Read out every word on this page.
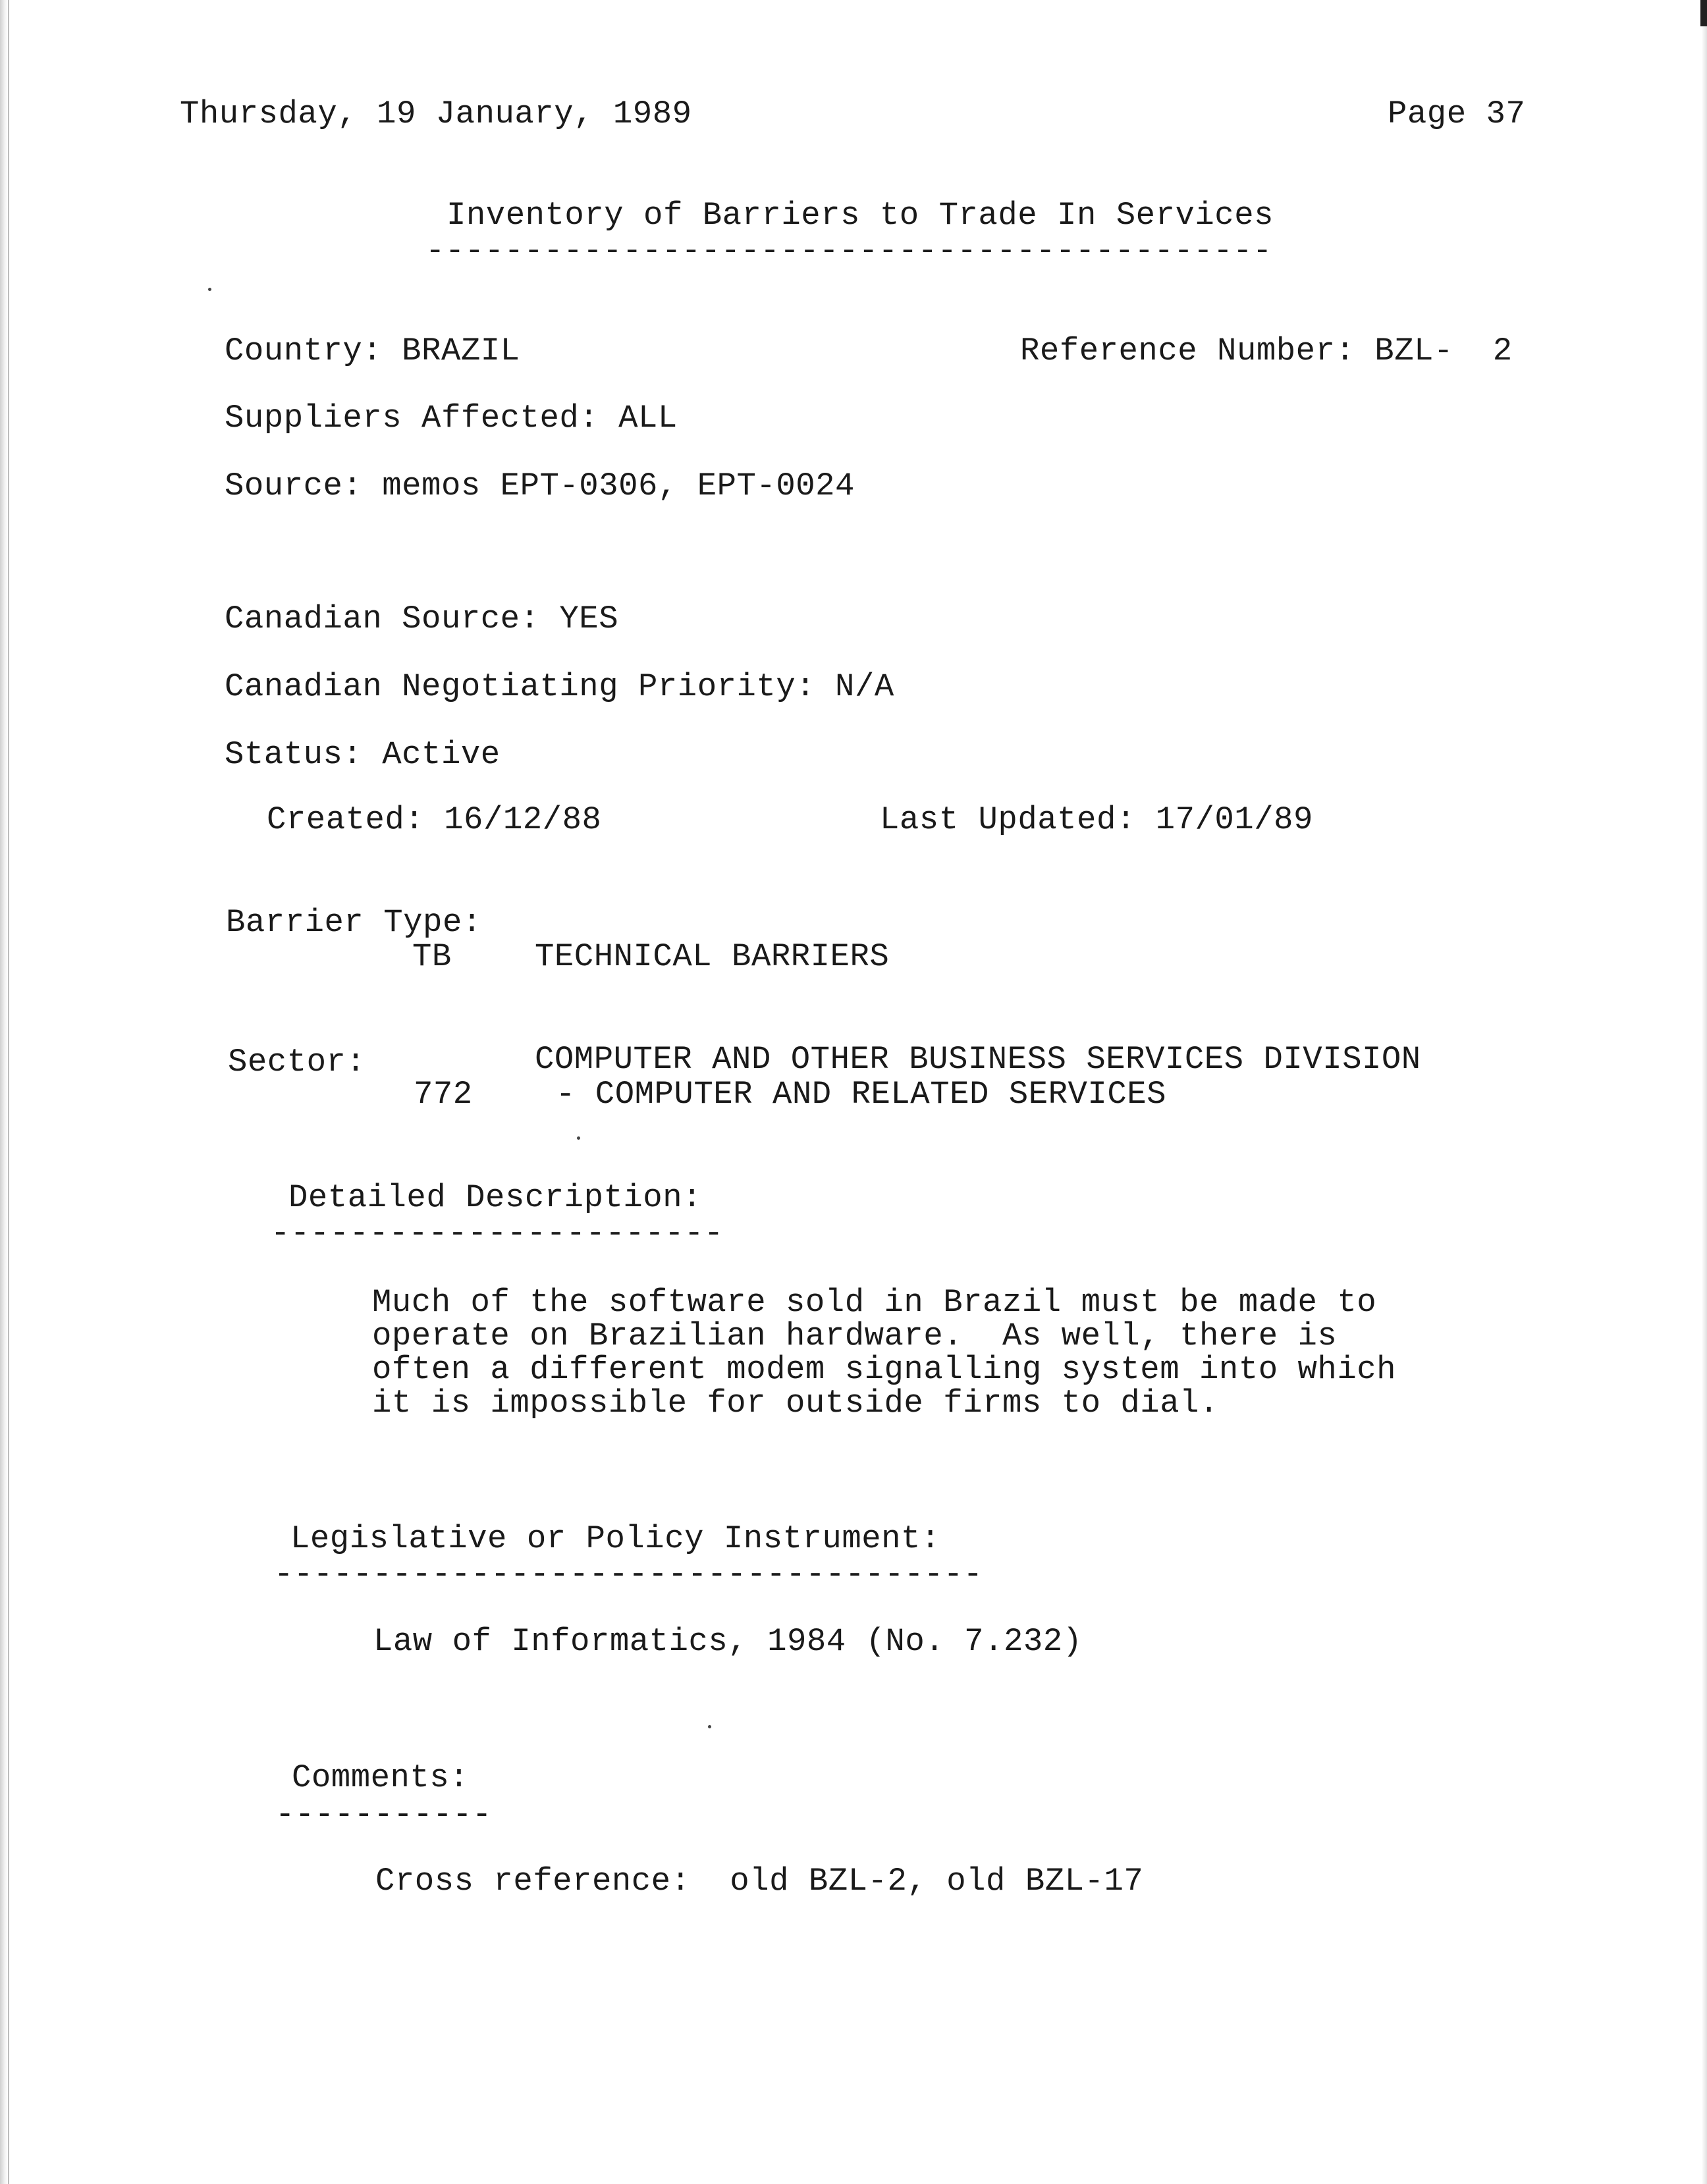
Thursday, 19 January, 1989	Page 37
Inventory of Barriers to Trade In Services
-------------------------------------------
Country: BRAZIL	Reference Number: BZL-  2
Suppliers Affected: ALL
Source: memos EPT-0306, EPT-0024
Canadian Source: YES
Canadian Negotiating Priority: N/A
Status: Active
Created: 16/12/88	Last Updated: 17/01/89
Barrier Type:
TB	TECHNICAL BARRIERS
Sector:	COMPUTER AND OTHER BUSINESS SERVICES DIVISION
772	- COMPUTER AND RELATED SERVICES
Detailed Description:
-----------------------
Much of the software sold in Brazil must be made to
operate on Brazilian hardware.  As well, there is
often a different modem signalling system into which
it is impossible for outside firms to dial.
Legislative or Policy Instrument:
------------------------------------
Law of Informatics, 1984 (No. 7.232)
Comments:
-----------
Cross reference:  old BZL-2, old BZL-17
